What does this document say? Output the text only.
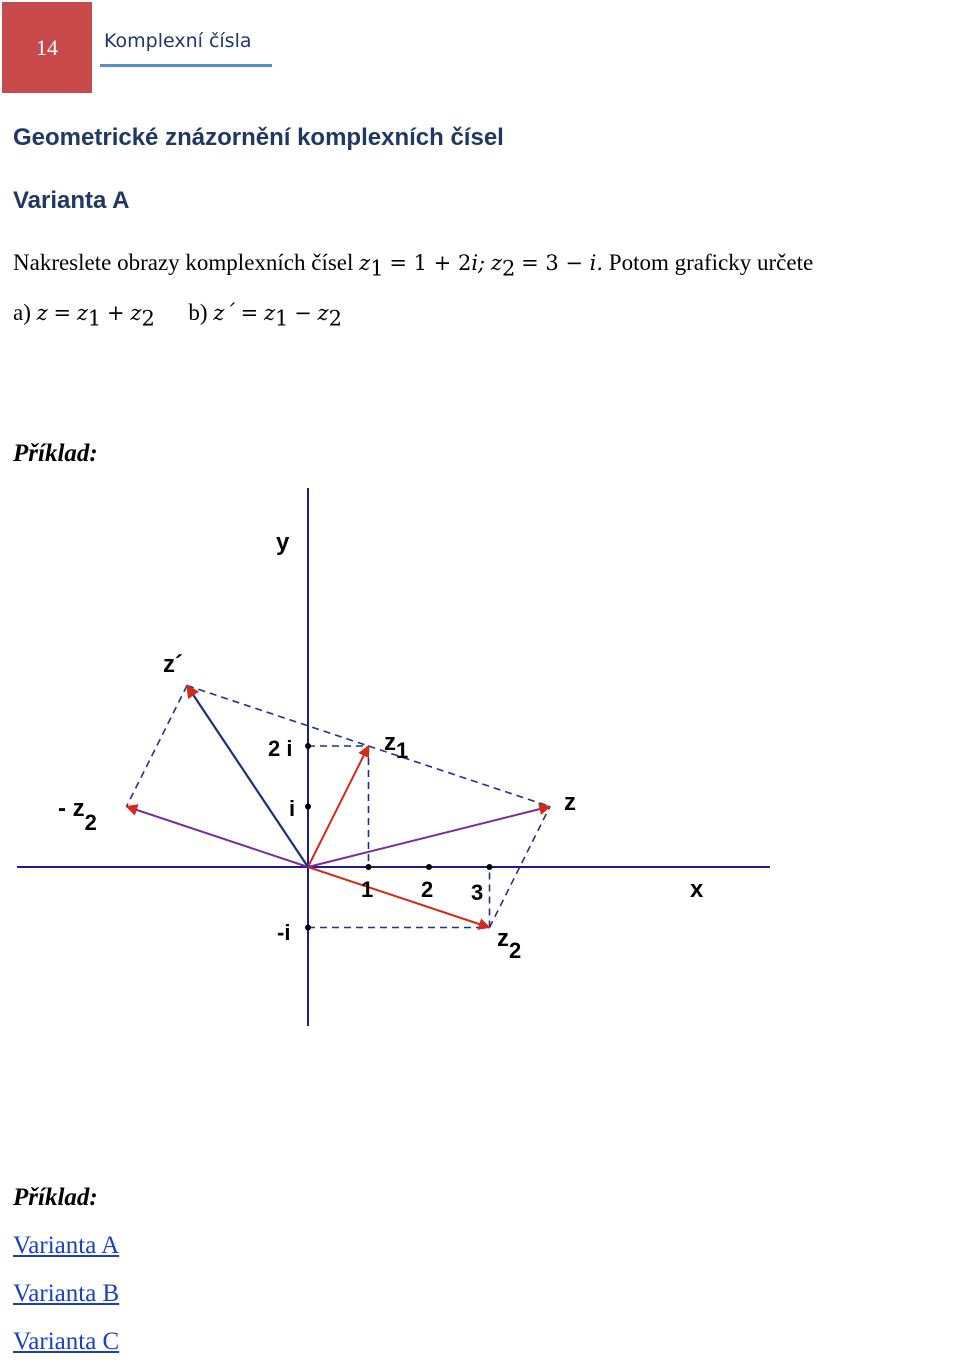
14 Komplexní čísla
Geometrické znázornění komplexních čísel
Varianta A
Nakreslete obrazy komplexních čísel $z_1 = 1 + 2i$; $z_2 = 3 - i$. Potom graficky určete
a) $z = z_1 + z_2$ b) z´ = $z_1 - z_2$
Příklad:
x
y
1 2 3
2 i
i
-i
z1
z2
z
z´
- z2
Příklad:
Varianta A
Varianta B
Varianta C
